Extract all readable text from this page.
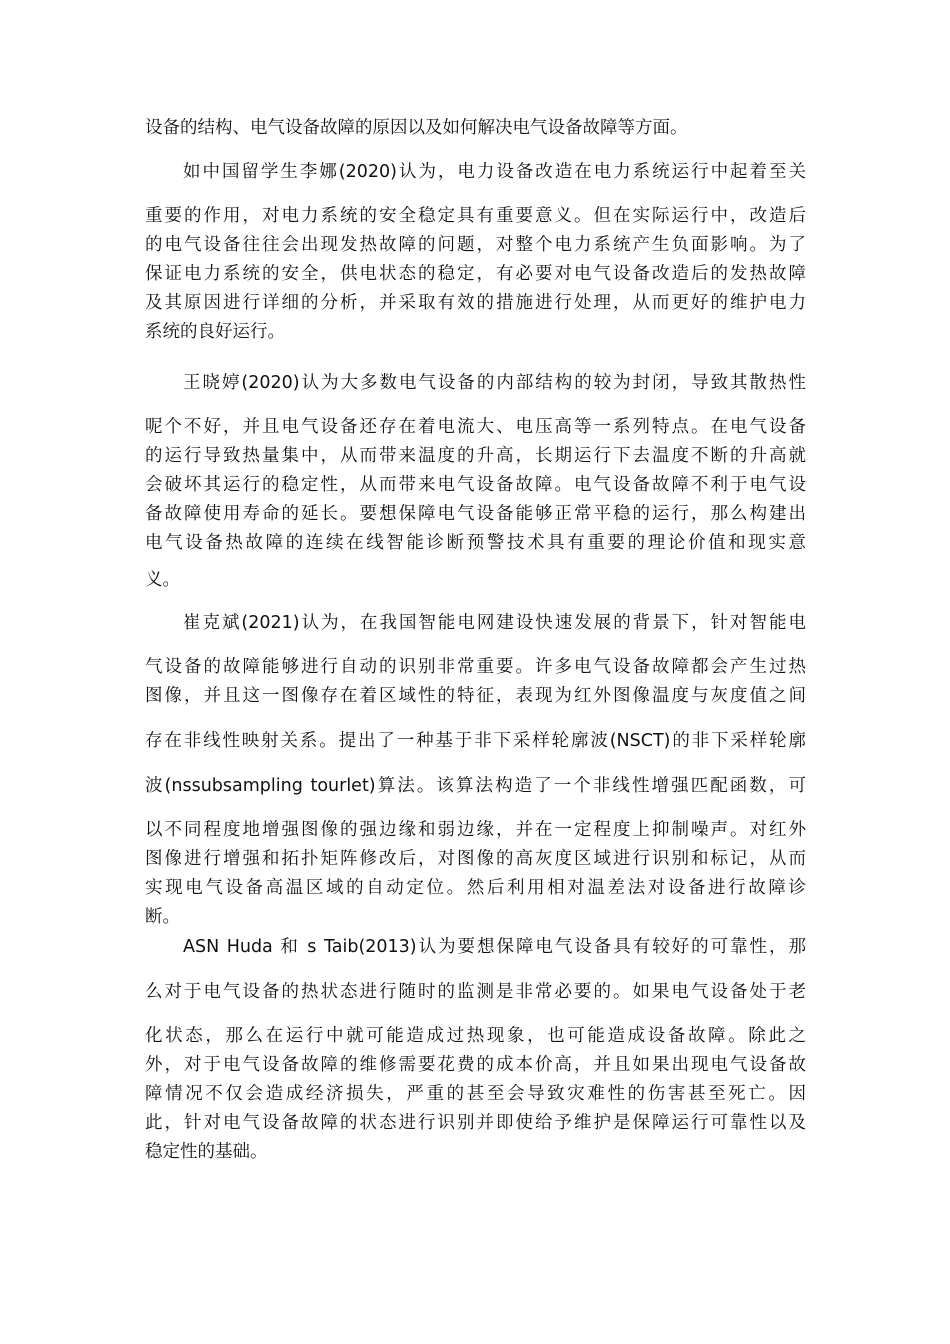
设备的结构、电气设备故障的原因以及如何解决电气设备故障等方面。
如中国留学生李娜(2020)认为，电力设备改造在电力系统运行中起着至关
重要的作用，对电力系统的安全稳定具有重要意义。但在实际运行中，改造后
的电气设备往往会出现发热故障的问题，对整个电力系统产生负面影响。为了
保证电力系统的安全，供电状态的稳定，有必要对电气设备改造后的发热故障
及其原因进行详细的分析，并采取有效的措施进行处理，从而更好的维护电力
系统的良好运行。
王晓婷(2020)认为大多数电气设备的内部结构的较为封闭，导致其散热性
呢个不好，并且电气设备还存在着电流大、电压高等一系列特点。在电气设备
的运行导致热量集中，从而带来温度的升高，长期运行下去温度不断的升高就
会破坏其运行的稳定性，从而带来电气设备故障。电气设备故障不利于电气设
备故障使用寿命的延长。要想保障电气设备能够正常平稳的运行，那么构建出
电气设备热故障的连续在线智能诊断预警技术具有重要的理论价值和现实意
义。
崔克斌(2021)认为，在我国智能电网建设快速发展的背景下，针对智能电
气设备的故障能够进行自动的识别非常重要。许多电气设备故障都会产生过热
图像，并且这一图像存在着区域性的特征，表现为红外图像温度与灰度值之间
存在非线性映射关系。提出了一种基于非下采样轮廓波(NSCT)的非下采样轮廓
波(nssubsampling tourlet)算法。该算法构造了一个非线性增强匹配函数，可
以不同程度地增强图像的强边缘和弱边缘，并在一定程度上抑制噪声。对红外
图像进行增强和拓扑矩阵修改后，对图像的高灰度区域进行识别和标记，从而
实现电气设备高温区域的自动定位。然后利用相对温差法对设备进行故障诊
断。
ASN Huda 和 s Taib(2013)认为要想保障电气设备具有较好的可靠性，那
么对于电气设备的热状态进行随时的监测是非常必要的。如果电气设备处于老
化状态，那么在运行中就可能造成过热现象，也可能造成设备故障。除此之
外，对于电气设备故障的维修需要花费的成本价高，并且如果出现电气设备故
障情况不仅会造成经济损失，严重的甚至会导致灾难性的伤害甚至死亡。因
此，针对电气设备故障的状态进行识别并即使给予维护是保障运行可靠性以及
稳定性的基础。
